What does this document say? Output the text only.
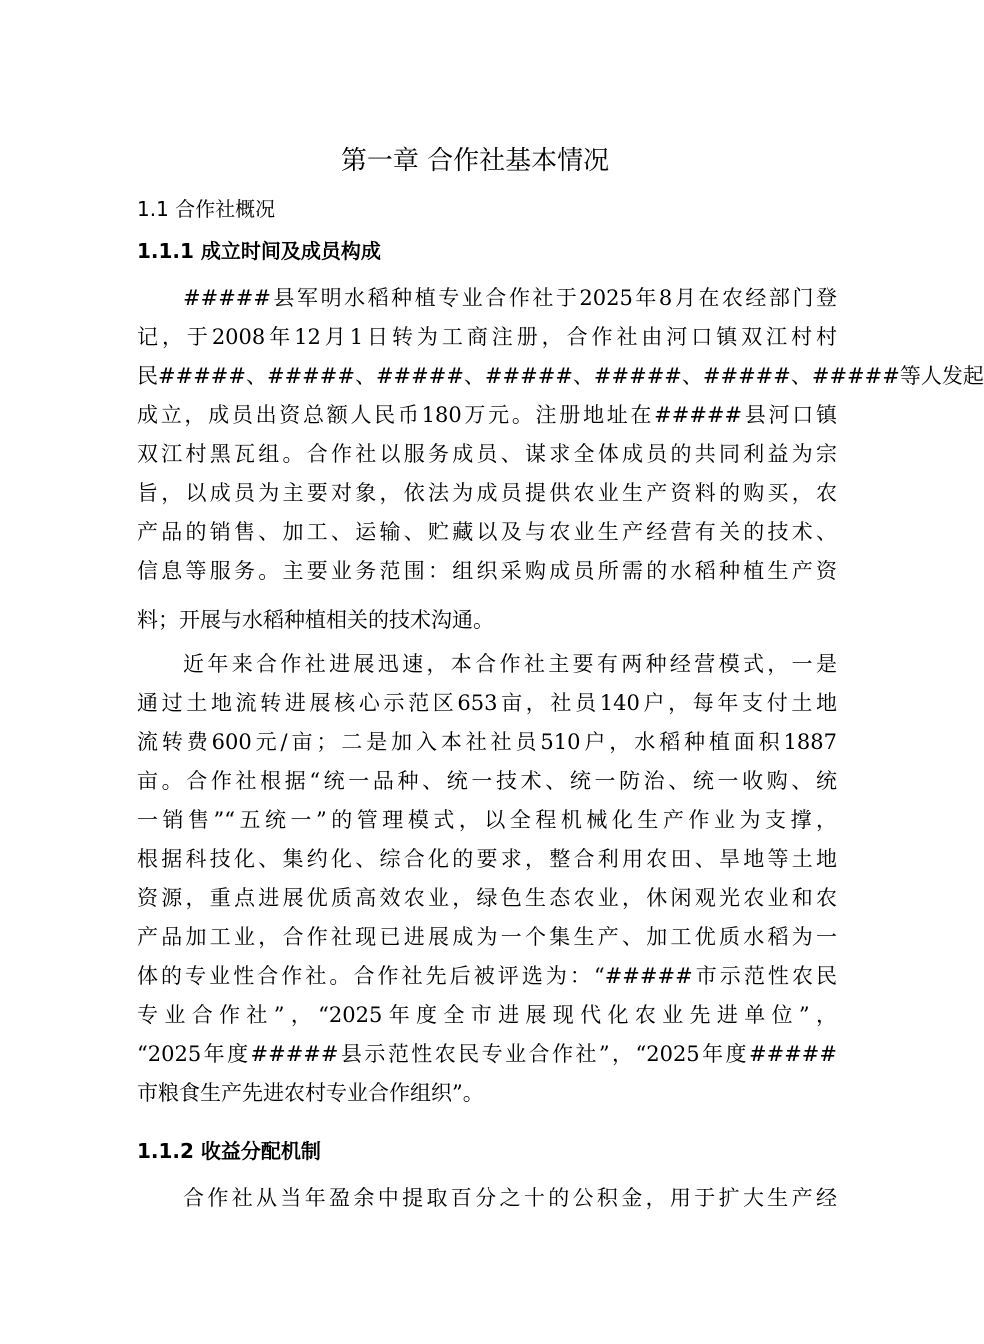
第一章 合作社基本情况
1.1 合作社概况
1.1.1 成立时间及成员构成
#####县军明水稻种植专业合作社于2025年8月在农经部门登
记，于2008年12月1日转为工商注册，合作社由河口镇双江村村
民#####、#####、#####、#####、#####、#####、#####等人发起
成立，成员出资总额人民币180万元。注册地址在#####县河口镇
双江村黑瓦组。合作社以服务成员、谋求全体成员的共同利益为宗
旨，以成员为主要对象，依法为成员提供农业生产资料的购买，农
产品的销售、加工、运输、贮藏以及与农业生产经营有关的技术、
信息等服务。主要业务范围：组织采购成员所需的水稻种植生产资
料；开展与水稻种植相关的技术沟通。
近年来合作社进展迅速，本合作社主要有两种经营模式，一是
通过土地流转进展核心示范区653亩，社员140户，每年支付土地
流转费600元/亩；二是加入本社社员510户，水稻种植面积1887
亩。合作社根据“统一品种、统一技术、统一防治、统一收购、统
一销售”“五统一”的管理模式，以全程机械化生产作业为支撑，
根据科技化、集约化、综合化的要求，整合利用农田、旱地等土地
资源，重点进展优质高效农业，绿色生态农业，休闲观光农业和农
产品加工业，合作社现已进展成为一个集生产、加工优质水稻为一
体的专业性合作社。合作社先后被评选为：“#####市示范性农民
专业合作社”，“2025年度全市进展现代化农业先进单位”，
“2025年度#####县示范性农民专业合作社”，“2025年度#####
市粮食生产先进农村专业合作组织”。
1.1.2 收益分配机制
合作社从当年盈余中提取百分之十的公积金，用于扩大生产经
